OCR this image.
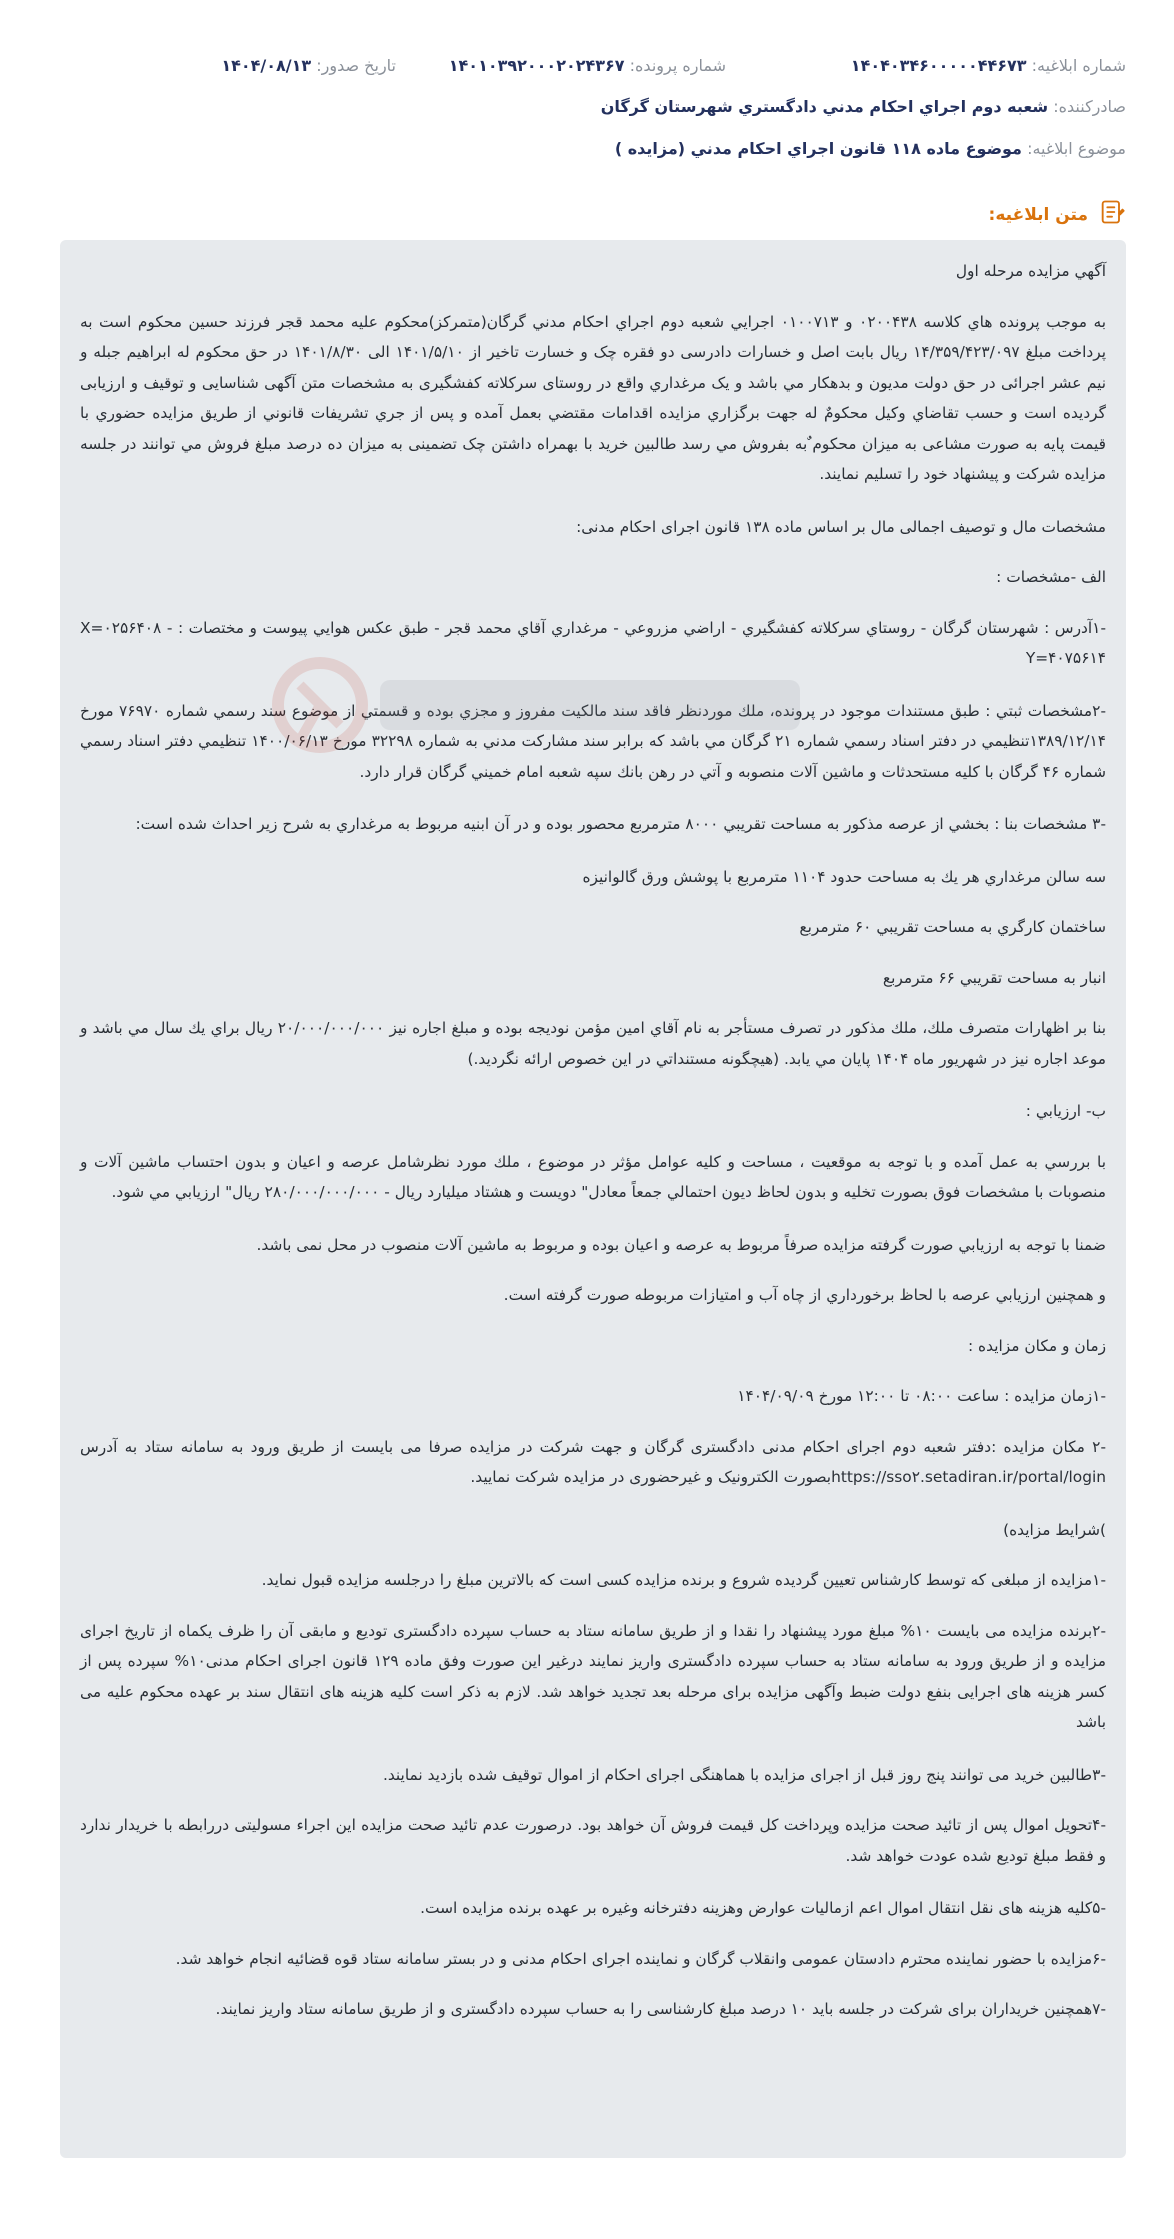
شماره ابلاغیه: ۱۴۰۴۰۳۴۶۰۰۰۰۰۴۴۶۷۳
شماره پرونده: ۱۴۰۱۰۳۹۲۰۰۰۲۰۲۴۳۶۷
تاریخ صدور: ۱۴۰۴/۰۸/۱۳
صادرکننده: شعبه دوم اجراي احكام مدني دادگستري شهرستان گرگان
موضوع ابلاغیه: موضوع ماده ۱۱۸ قانون اجراي احكام مدني (مزايده )
متن ابلاغیه:

آگهي مزايده مرحله اول

به موجب پرونده هاي كلاسه ۰۲۰۰۴۳۸ و ۰۱۰۰۷۱۳ اجرايي شعبه دوم اجراي احكام مدني گرگان(متمركز)محكوم عليه محمد قجر فرزند حسين محكوم است به پرداخت مبلغ ۱۴/۳۵۹/۴۲۳/۰۹۷ ريال بابت اصل و خسارات دادرسی دو فقره چک و خسارت تاخير از ۱۴۰۱/۵/۱۰ الی ۱۴۰۱/۸/۳۰ در حق محکوم له ابراهیم جبله و نيم عشر اجرائی در حق دولت مديون و بدهكار مي باشد و یک مرغداري واقع در روستای سرکلاته کفشگیری به مشخصات متن آگهی شناسایی و توقیف و ارزیابی گرديده است و حسب تقاضاي وكيل محكومٌ له جهت برگزاري مزايده اقدامات مقتضي بعمل آمده و پس از جري تشريفات قانوني از طريق مزايده حضوري با قيمت پايه به صورت مشاعی به ميزان محكوم ٌبه بفروش مي رسد طالبين خريد با بهمراه داشتن چک تضمینی به ميزان ده درصد مبلغ فروش مي توانند در جلسه مزايده شركت و پيشنهاد خود را تسليم نمايند.

مشخصات مال و توصیف اجمالی مال بر اساس ماده ۱۳۸ قانون اجرای احکام مدنی:

الف -مشخصات :

-۱آدرس : شهرستان گرگان - روستاي سركلاته كفشگيري - اراضي مزروعي - مرغداري آقاي محمد قجر - طبق عكس هوايي پيوست و مختصات : X=۰۲۵۶۴۰۸ - Y=۴۰۷۵۶۱۴

-۲مشخصات ثبتي : طبق مستندات موجود در پرونده، ملك موردنظر فاقد سند مالكيت مفروز و مجزي بوده و قسمتي از موضوع سند رسمي شماره ۷۶۹۷۰ مورخ ۱۳۸۹/۱۲/۱۴تنظيمي در دفتر اسناد رسمي شماره ۲۱ گرگان مي باشد كه برابر سند مشاركت مدني به شماره ۳۲۲۹۸ مورخ ۱۴۰۰/۰۶/۱۳ تنظيمي دفتر اسناد رسمي شماره ۴۶ گرگان با كليه مستحدثات و ماشين آلات منصوبه و آتي در رهن بانك سپه شعبه امام خميني گرگان قرار دارد.

-۳ مشخصات بنا : بخشي از عرصه مذكور به مساحت تقريبي ۸۰۰۰ مترمربع محصور بوده و در آن ابنيه مربوط به مرغداري به شرح زير احداث شده است:

سه سالن مرغداري هر يك به مساحت حدود ۱۱۰۴ مترمربع با پوشش ورق گالوانيزه

ساختمان كارگري به مساحت تقريبي ۶۰ مترمربع

انبار به مساحت تقريبي ۶۶ مترمربع

بنا بر اظهارات متصرف ملك، ملك مذكور در تصرف مستأجر به نام آقاي امين مؤمن نوديجه بوده و مبلغ اجاره نيز ۲۰/۰۰۰/۰۰۰/۰۰۰ ريال براي يك سال مي باشد و موعد اجاره نيز در شهريور ماه ۱۴۰۴ پايان مي يابد. (هيچگونه مستنداتي در اين خصوص ارائه نگرديد.)

ب- ارزيابي :

با بررسي به عمل آمده و با توجه به موقعيت ، مساحت و كليه عوامل مؤثر در موضوع ، ملك مورد نظرشامل عرصه و اعيان و بدون احتساب ماشين آلات و منصوبات با مشخصات فوق بصورت تخليه و بدون لحاظ ديون احتمالي جمعاً معادل" دويست و هشتاد ميليارد ريال - ۲۸۰/۰۰۰/۰۰۰/۰۰۰ ريال" ارزيابي مي شود.

ضمنا با توجه به ارزيابي صورت گرفته مزايده صرفاً مربوط به عرصه و اعيان بوده و مربوط به ماشين آلات منصوب در محل نمی باشد.

و همچنين ارزيابي عرصه با لحاظ برخورداري از چاه آب و امتيازات مربوطه صورت گرفته است.

زمان و مکان مزايده :

-۱زمان مزایده : ساعت ۰۸:۰۰ تا ۱۲:۰۰ مورخ ۱۴۰۴/۰۹/۰۹

-۲ مکان مزایده :دفتر شعبه دوم اجرای احکام مدنی دادگستری گرگان و جهت شرکت در مزایده صرفا می بایست از طریق ورود به سامانه ستاد به آدرس https://sso۲.setadiran.ir/portal/loginبصورت الکترونیک و غیرحضوری در مزایده شرکت نمایید.

)شرایط مزایده)

-۱مزایده از مبلغی که توسط کارشناس تعیین گردیده شروع و برنده مزایده کسی است که بالاترین مبلغ را درجلسه مزایده قبول نماید.

-۲برنده مزایده می بایست ۱۰% مبلغ مورد پیشنهاد را نقدا و از طریق سامانه ستاد به حساب سپرده دادگستری تودیع و مابقی آن را ظرف یکماه از تاریخ اجرای مزایده و از طریق ورود به سامانه ستاد به حساب سپرده دادگستری واریز نمایند درغیر این صورت وفق ماده ۱۲۹ قانون اجرای احکام مدنی۱۰% سپرده پس از کسر هزینه های اجرایی بنفع دولت ضبط وآگهی مزایده برای مرحله بعد تجدید خواهد شد. لازم به ذکر است کلیه هزینه های انتقال سند بر عهده محکوم علیه می باشد

-۳طالبین خرید می توانند پنج روز قبل از اجرای مزایده با هماهنگی اجرای احکام از اموال توقیف شده بازدید نمایند.

-۴تحویل اموال پس از تائید صحت مزایده وپرداخت کل قیمت فروش آن خواهد بود. درصورت عدم تائید صحت مزایده این اجراء مسولیتی دررابطه با خریدار ندارد و فقط مبلغ تودیع شده عودت خواهد شد.

-۵کلیه هزینه های نقل انتقال اموال اعم ازمالیات عوارض وهزینه دفترخانه وغیره بر عهده برنده مزایده است.

-۶مزایده با حضور نماینده محترم دادستان عمومی وانقلاب گرگان و نماینده اجرای احکام مدنی و در بستر سامانه ستاد قوه قضائیه انجام خواهد شد.

-۷همچنین خریداران برای شرکت در جلسه باید ۱۰ درصد مبلغ کارشناسی را به حساب سپرده دادگستری و از طریق سامانه ستاد واریز نمایند.
